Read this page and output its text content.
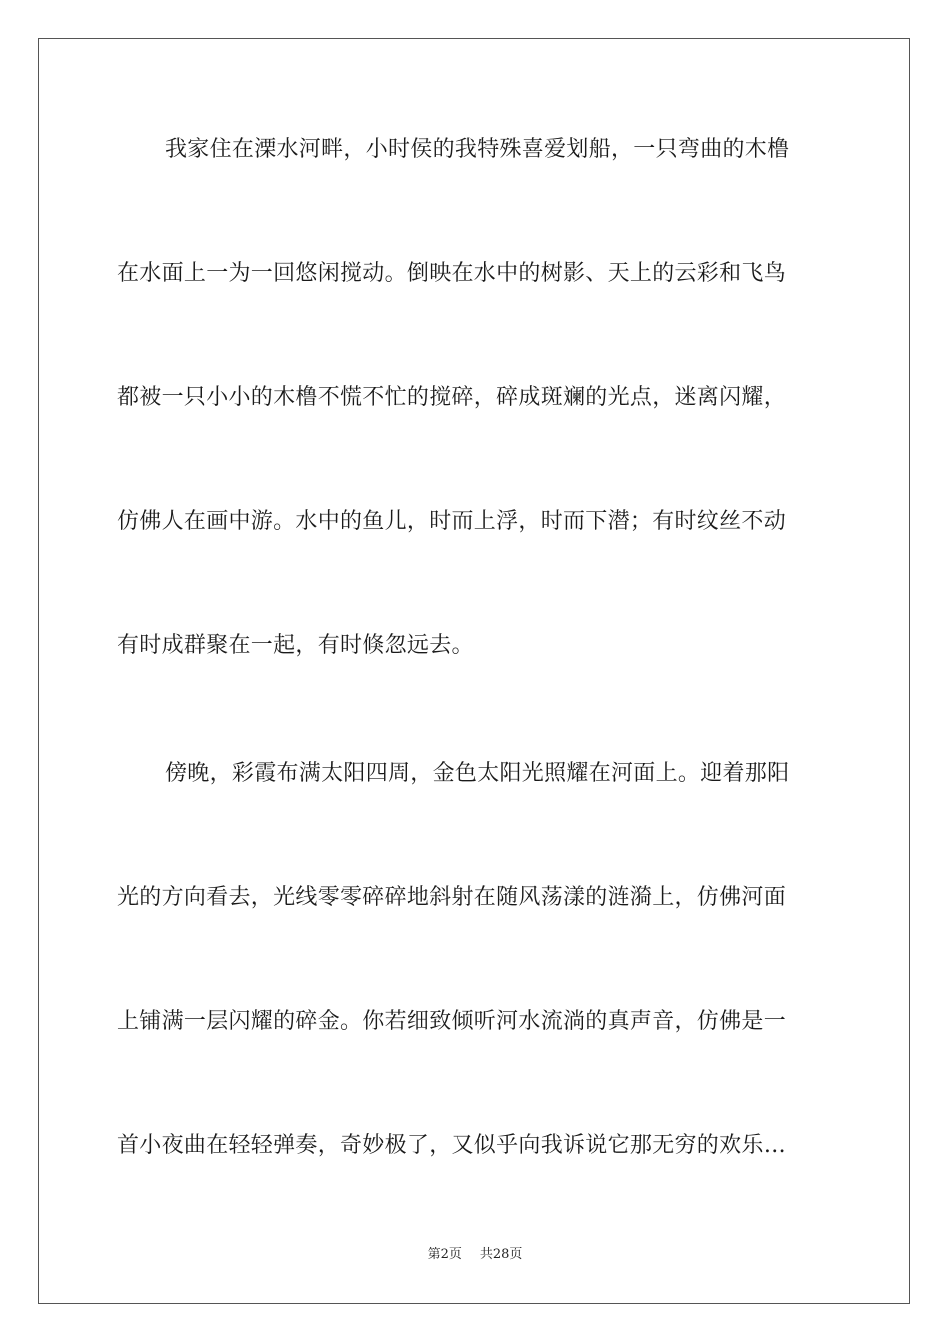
我家住在溧水河畔，小时侯的我特殊喜爱划船，一只弯曲的木橹
在水面上一为一回悠闲搅动。倒映在水中的树影、天上的云彩和飞鸟
都被一只小小的木橹不慌不忙的搅碎，碎成斑斓的光点，迷离闪耀，
仿佛人在画中游。水中的鱼儿，时而上浮，时而下潜；有时纹丝不动
有时成群聚在一起，有时倏忽远去。
傍晚，彩霞布满太阳四周，金色太阳光照耀在河面上。迎着那阳
光的方向看去，光线零零碎碎地斜射在随风荡漾的涟漪上，仿佛河面
上铺满一层闪耀的碎金。你若细致倾听河水流淌的真声音，仿佛是一
首小夜曲在轻轻弹奏，奇妙极了，又似乎向我诉说它那无穷的欢乐…
第2页 共28页
